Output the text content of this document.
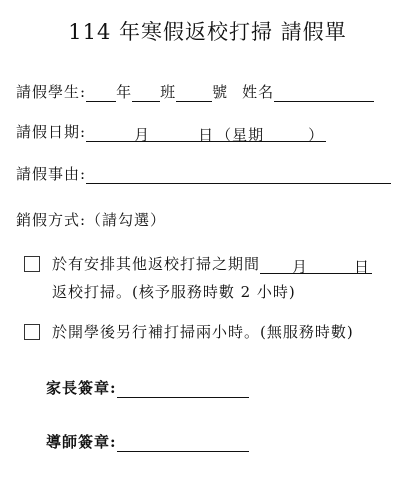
114 年寒假返校打掃 請假單
請假學生: 年 班 號 姓名
請假日期:	月	日 （星期	）
請假事由:
銷假方式:（請勾選）
於有安排其他返校打掃之期間 月	日
返校打掃。(核予服務時數 2 小時)
於開學後另行補打掃兩小時。(無服務時數)
家長簽章:
導師簽章:
